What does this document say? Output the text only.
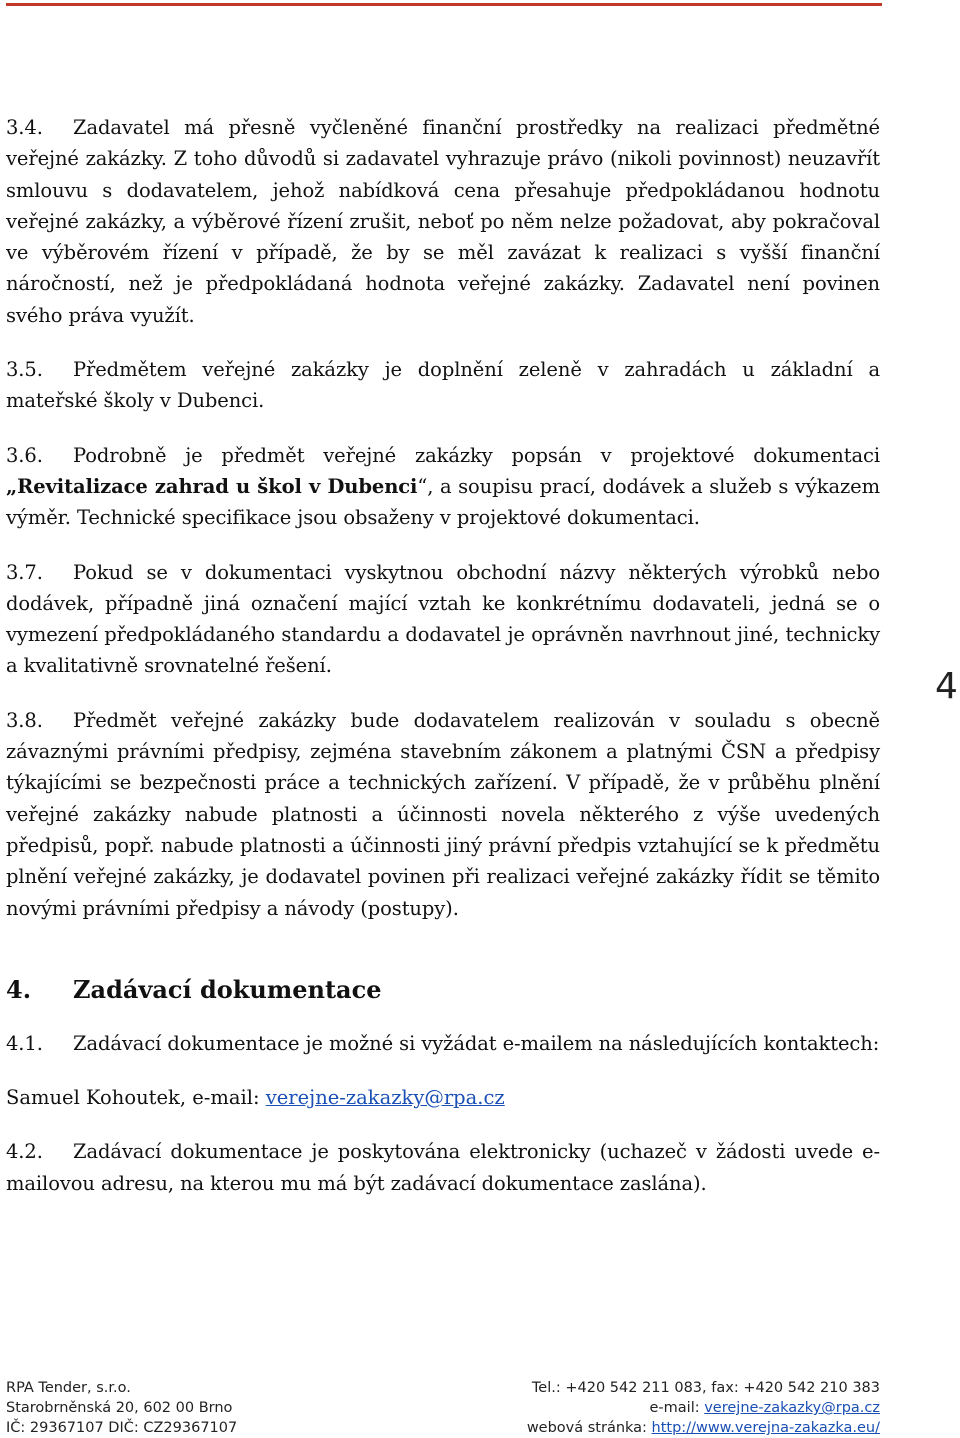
3.4. Zadavatel má přesně vyčleněné finanční prostředky na realizaci předmětné veřejné zakázky. Z toho důvodů si zadavatel vyhrazuje právo (nikoli povinnost) neuzavřít smlouvu s dodavatelem, jehož nabídková cena přesahuje předpokládanou hodnotu veřejné zakázky, a výběrové řízení zrušit, neboť po něm nelze požadovat, aby pokračoval ve výběrovém řízení v případě, že by se měl zavázat k realizaci s vyšší finanční náročností, než je předpokládaná hodnota veřejné zakázky. Zadavatel není povinen svého práva využít.

3.5. Předmětem veřejné zakázky je doplnění zeleně v zahradách u základní a mateřské školy v Dubenci.

3.6. Podrobně je předmět veřejné zakázky popsán v projektové dokumentaci „Revitalizace zahrad u škol v Dubenci“, a soupisu prací, dodávek a služeb s výkazem výměr. Technické specifikace jsou obsaženy v projektové dokumentaci.

3.7. Pokud se v dokumentaci vyskytnou obchodní názvy některých výrobků nebo dodávek, případně jiná označení mající vztah ke konkrétnímu dodavateli, jedná se o vymezení předpokládaného standardu a dodavatel je oprávněn navrhnout jiné, technicky a kvalitativně srovnatelné řešení.

3.8. Předmět veřejné zakázky bude dodavatelem realizován v souladu s obecně závaznými právními předpisy, zejména stavebním zákonem a platnými ČSN a předpisy týkajícími se bezpečnosti práce a technických zařízení. V případě, že v průběhu plnění veřejné zakázky nabude platnosti a účinnosti novela některého z výše uvedených předpisů, popř. nabude platnosti a účinnosti jiný právní předpis vztahující se k předmětu plnění veřejné zakázky, je dodavatel povinen při realizaci veřejné zakázky řídit se těmito novými právními předpisy a návody (postupy).

4. Zadávací dokumentace

4.1. Zadávací dokumentace je možné si vyžádat e-mailem na následujících kontaktech:

Samuel Kohoutek, e-mail: verejne-zakazky@rpa.cz

4.2. Zadávací dokumentace je poskytována elektronicky (uchazeč v žádosti uvede e-mailovou adresu, na kterou mu má být zadávací dokumentace zaslána).

4
RPA Tender, s.r.o.
Starobrněnská 20, 602 00 Brno
IČ: 29367107 DIČ: CZ29367107
Tel.: +420 542 211 083, fax: +420 542 210 383
e-mail: verejne-zakazky@rpa.cz
webová stránka: http://www.verejna-zakazka.eu/
